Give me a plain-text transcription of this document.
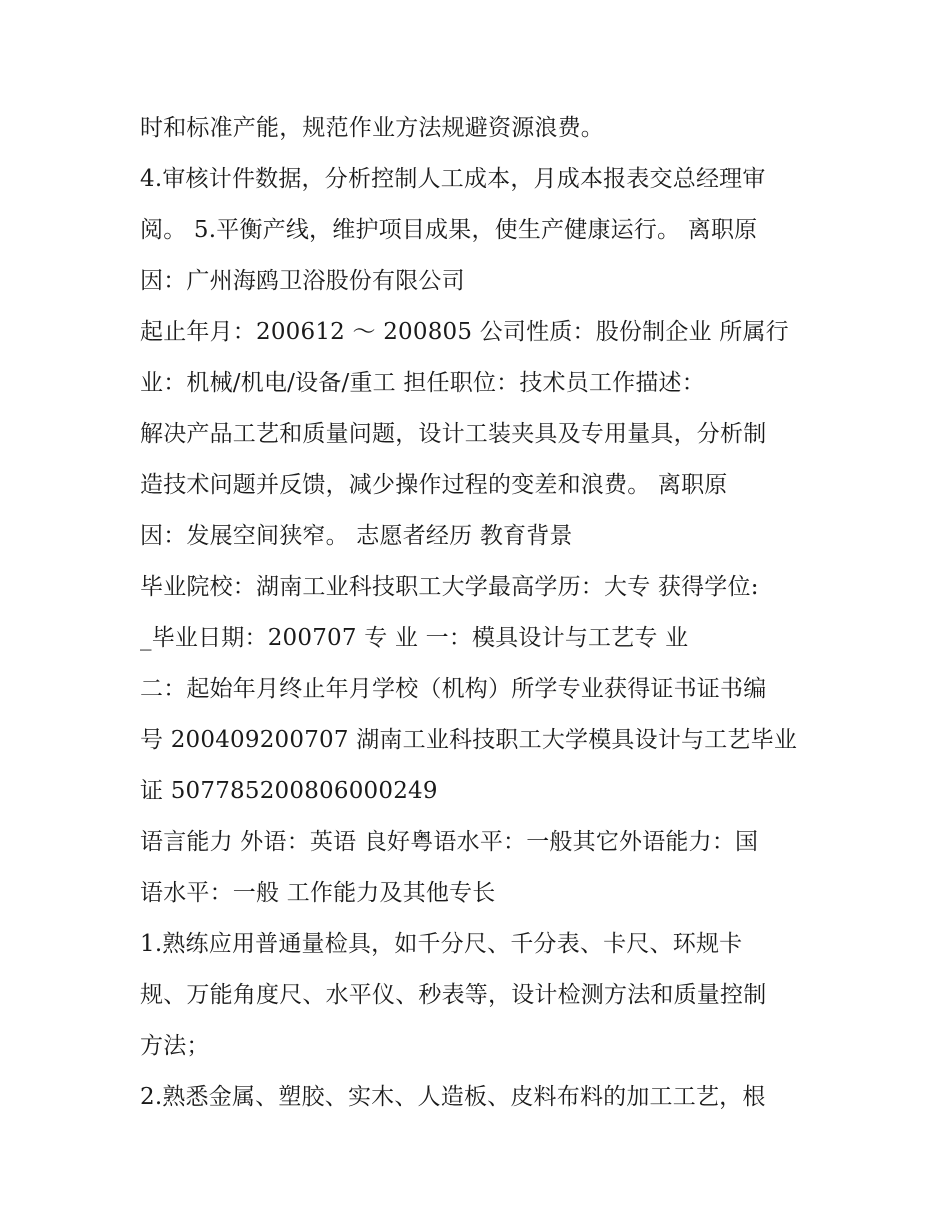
时和标准产能，规范作业方法规避资源浪费。
4.审核计件数据，分析控制人工成本，月成本报表交总经理审
阅。 5.平衡产线，维护项目成果，使生产健康运行。 离职原
因：广州海鸥卫浴股份有限公司
起止年月：200612 ～ 200805 公司性质：股份制企业 所属行
业：机械/机电/设备/重工 担任职位：技术员工作描述：
解决产品工艺和质量问题，设计工装夹具及专用量具，分析制
造技术问题并反馈，减少操作过程的变差和浪费。 离职原
因：发展空间狭窄。 志愿者经历 教育背景
毕业院校：湖南工业科技职工大学最高学历：大专 获得学位:
_毕业日期：200707 专 业 一：模具设计与工艺专 业
二：起始年月终止年月学校（机构）所学专业获得证书证书编
号 200409200707 湖南工业科技职工大学模具设计与工艺毕业
证 507785200806000249
语言能力 外语：英语 良好粤语水平：一般其它外语能力：国
语水平：一般 工作能力及其他专长
1.熟练应用普通量检具，如千分尺、千分表、卡尺、环规卡
规、万能角度尺、水平仪、秒表等，设计检测方法和质量控制
方法；
2.熟悉金属、塑胶、实木、人造板、皮料布料的加工工艺，根
